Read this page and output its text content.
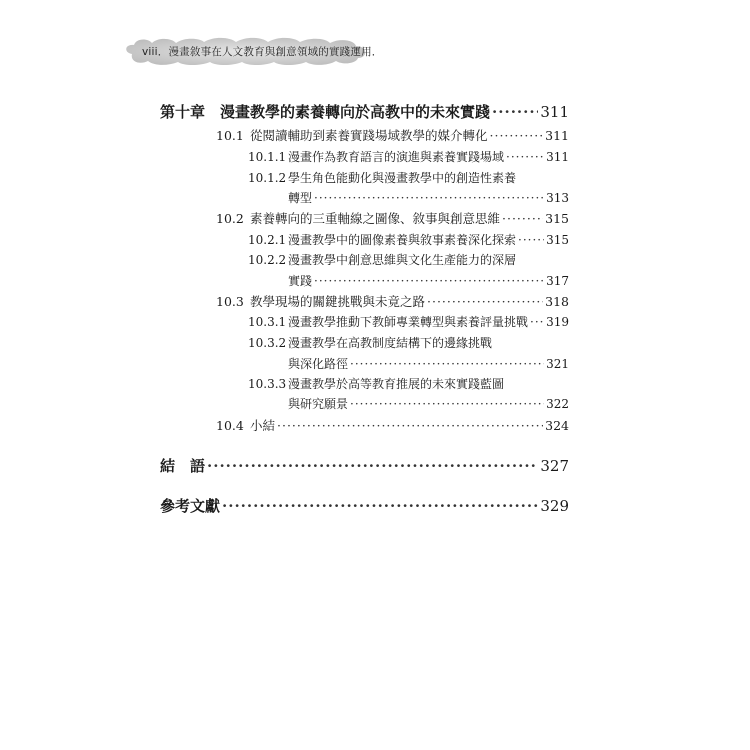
viii．漫畫敘事在人文教育與創意領域的實踐運用．
第十章 漫畫教學的素養轉向於高教中的未來實踐 ·····	311
10.1 從閱讀輔助到素養實踐場域教學的媒介轉化 ·····	311
10.1.1 漫畫作為教育語言的演進與素養實踐場域 ·····	311
10.1.2 學生角色能動化與漫畫教學中的創造性素養
轉型 ·····	313
10.2 素養轉向的三重軸線之圖像、敘事與創意思維 ·····	315
10.2.1 漫畫教學中的圖像素養與敘事素養深化探索 ·····	315
10.2.2 漫畫教學中創意思維與文化生產能力的深層
實踐 ·····	317
10.3 教學現場的關鍵挑戰與未竟之路 ·····	318
10.3.1 漫畫教學推動下教師專業轉型與素養評量挑戰 ····· 319
10.3.2 漫畫教學在高教制度結構下的邊緣挑戰
與深化路徑 ·····	321
10.3.3 漫畫教學於高等教育推展的未來實踐藍圖
與研究願景 ·····	322
10.4 小結 ·····	324
結　語 ·····	327
參考文獻 ·····	329
